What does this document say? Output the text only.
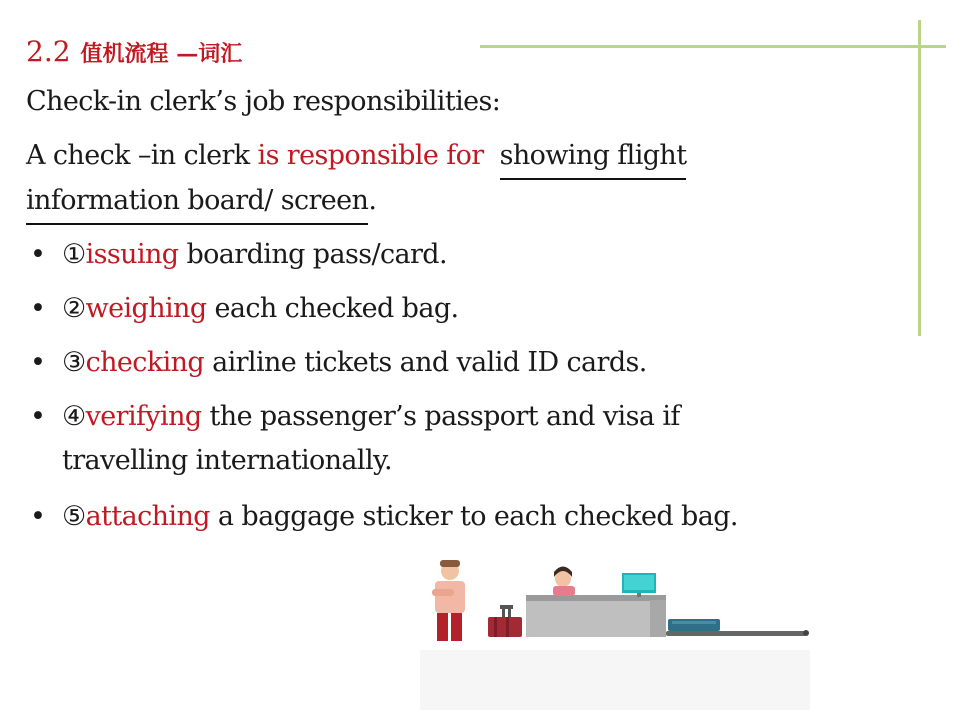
2.2 值机流程 —词汇
Check-in clerk’s job responsibilities:
A check –in clerk is responsible for showing flight
information board/ screen.
• ①issuing boarding pass/card.
• ②weighing each checked bag.
• ③checking airline tickets and valid ID cards.
• ④verifying the passenger’s passport and visa if
travelling internationally.
• ⑤attaching a baggage sticker to each checked bag.
